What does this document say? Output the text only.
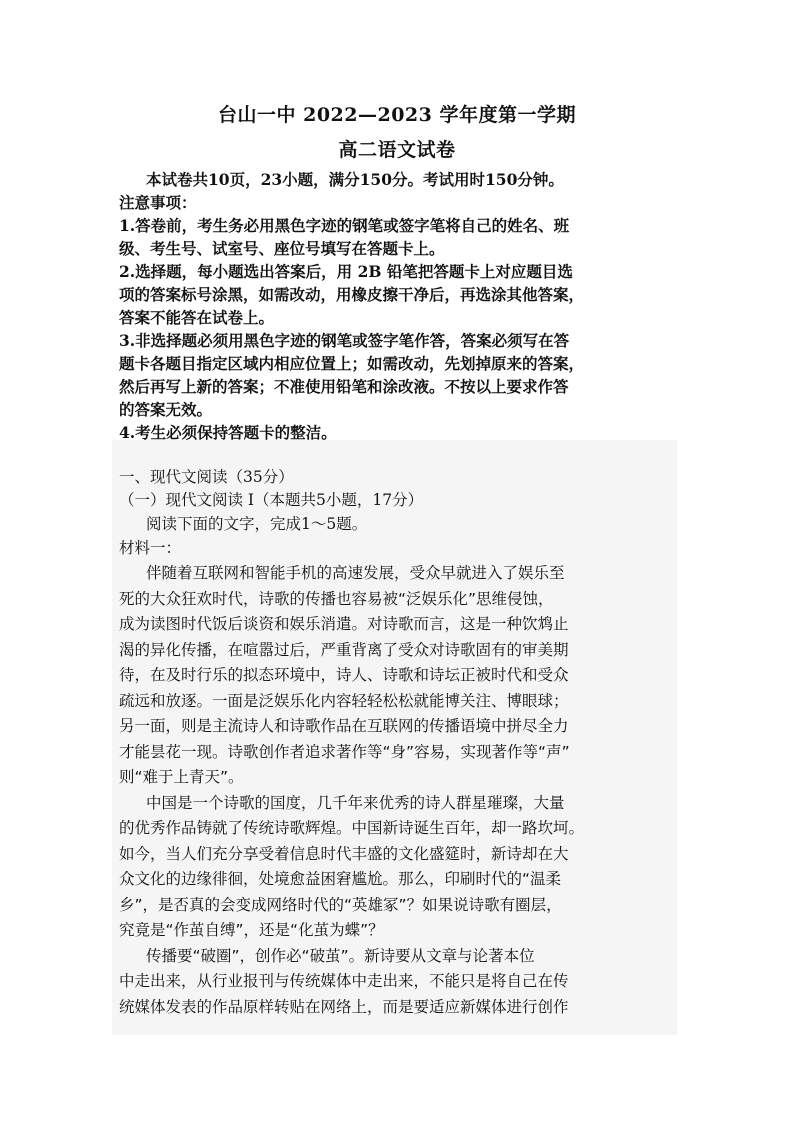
台山一中 2022—2023 学年度第一学期
高二语文试卷
本试卷共10页，23小题，满分150分。考试用时150分钟。
注意事项：
1.答卷前，考生务必用黑色字迹的钢笔或签字笔将自己的姓名、班
级、考生号、试室号、座位号填写在答题卡上。
2.选择题，每小题选出答案后，用 2B 铅笔把答题卡上对应题目选
项的答案标号涂黑，如需改动，用橡皮擦干净后，再选涂其他答案，
答案不能答在试卷上。
3.非选择题必须用黑色字迹的钢笔或签字笔作答，答案必须写在答
题卡各题目指定区域内相应位置上；如需改动，先划掉原来的答案，
然后再写上新的答案；不准使用铅笔和涂改液。不按以上要求作答
的答案无效。
4.考生必须保持答题卡的整洁。
一、现代文阅读（35分）
（一）现代文阅读 I（本题共5小题，17分）
阅读下面的文字，完成1～5题。
材料一：
伴随着互联网和智能手机的高速发展，受众早就进入了娱乐至
死的大众狂欢时代，诗歌的传播也容易被“泛娱乐化”思维侵蚀，
成为读图时代饭后谈资和娱乐消遣。对诗歌而言，这是一种饮鸩止
渴的异化传播，在喧嚣过后，严重背离了受众对诗歌固有的审美期
待，在及时行乐的拟态环境中，诗人、诗歌和诗坛正被时代和受众
疏远和放逐。一面是泛娱乐化内容轻轻松松就能博关注、博眼球；
另一面，则是主流诗人和诗歌作品在互联网的传播语境中拼尽全力
才能昙花一现。诗歌创作者追求著作等“身”容易，实现著作等“声”
则“难于上青天”。
中国是一个诗歌的国度，几千年来优秀的诗人群星璀璨，大量
的优秀作品铸就了传统诗歌辉煌。中国新诗诞生百年，却一路坎坷。
如今，当人们充分享受着信息时代丰盛的文化盛筵时，新诗却在大
众文化的边缘徘徊，处境愈益困窘尴尬。那么，印刷时代的“温柔
乡”，是否真的会变成网络时代的“英雄冢”？如果说诗歌有圈层，
究竟是“作茧自缚”，还是“化茧为蝶”？
传播要“破圈”，创作必“破茧”。新诗要从文章与论著本位
中走出来，从行业报刊与传统媒体中走出来，不能只是将自己在传
统媒体发表的作品原样转贴在网络上，而是要适应新媒体进行创作
